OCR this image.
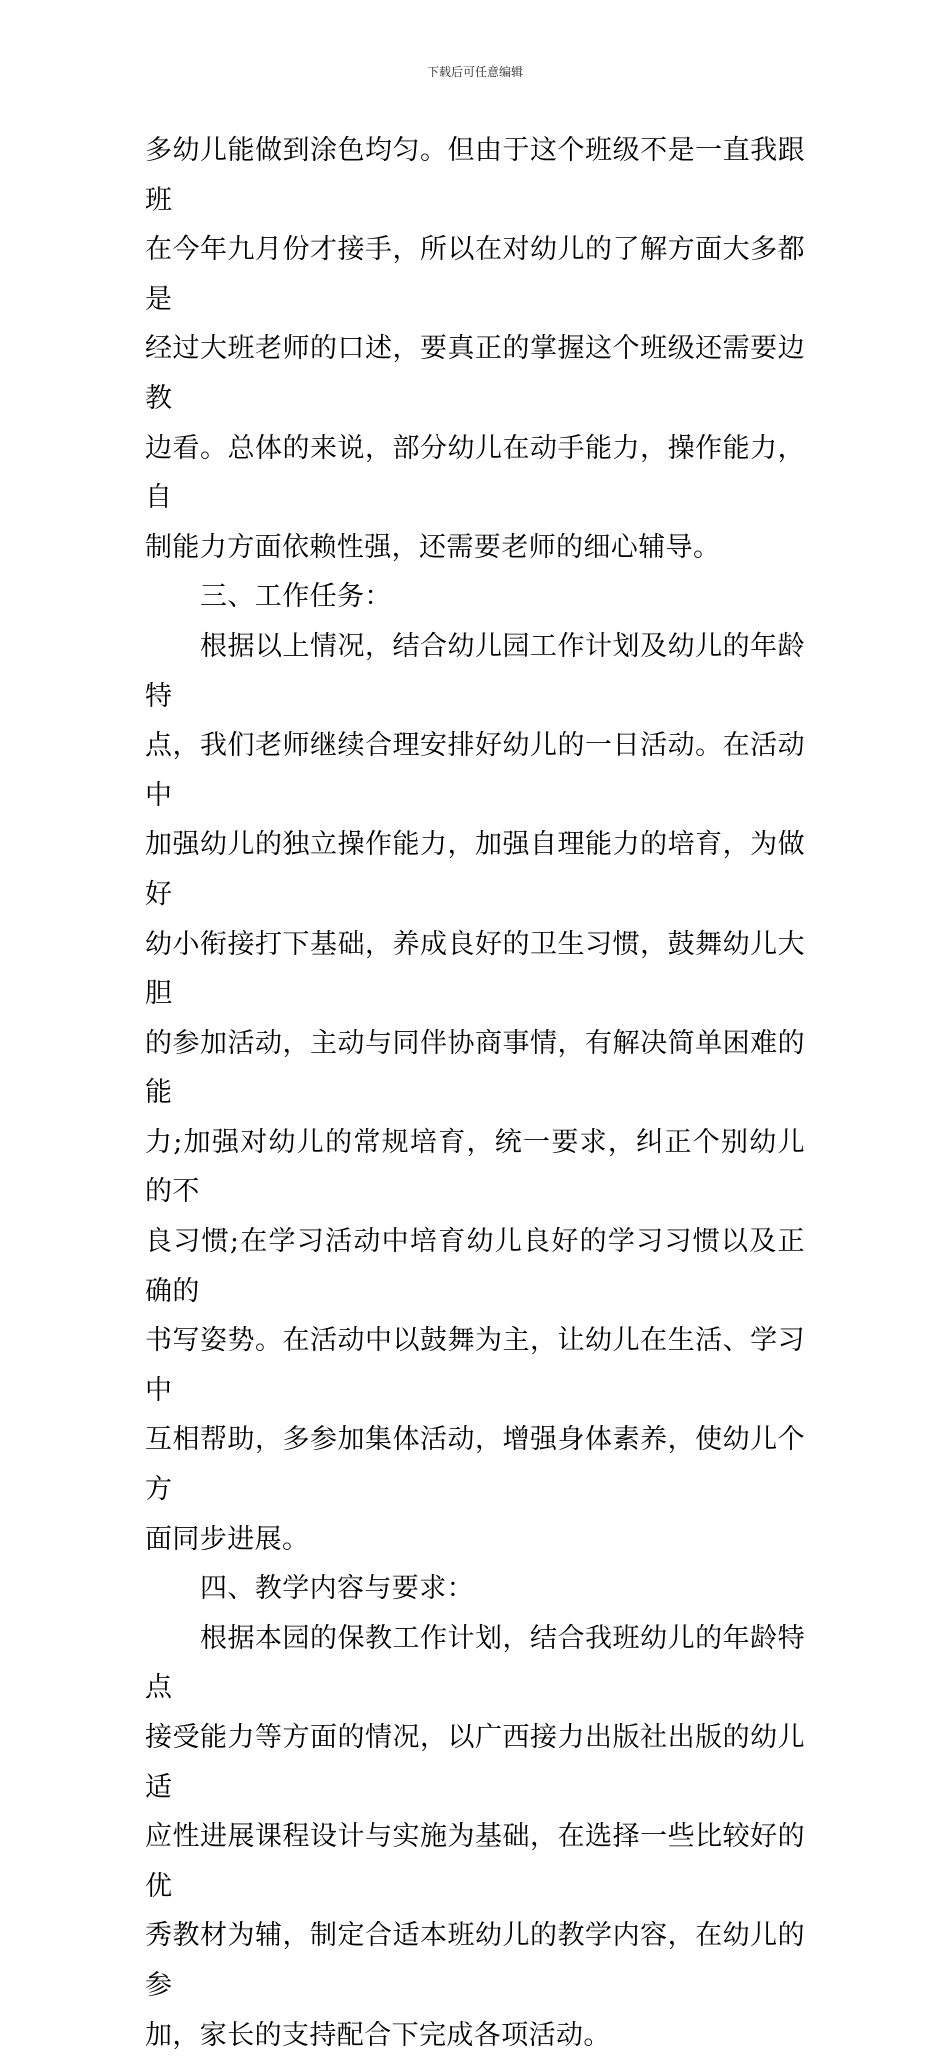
下载后可任意编辑

多幼儿能做到涂色均匀。但由于这个班级不是一直我跟班
在今年九月份才接手，所以在对幼儿的了解方面大多都是
经过大班老师的口述，要真正的掌握这个班级还需要边教
边看。总体的来说，部分幼儿在动手能力，操作能力，自
制能力方面依赖性强，还需要老师的细心辅导。

三、工作任务：

根据以上情况，结合幼儿园工作计划及幼儿的年龄特
点，我们老师继续合理安排好幼儿的一日活动。在活动中
加强幼儿的独立操作能力，加强自理能力的培育，为做好
幼小衔接打下基础，养成良好的卫生习惯，鼓舞幼儿大胆
的参加活动，主动与同伴协商事情，有解决简单困难的能
力;加强对幼儿的常规培育，统一要求，纠正个别幼儿的不
良习惯;在学习活动中培育幼儿良好的学习习惯以及正确的
书写姿势。在活动中以鼓舞为主，让幼儿在生活、学习中
互相帮助，多参加集体活动，增强身体素养，使幼儿个方
面同步进展。

四、教学内容与要求：

根据本园的保教工作计划，结合我班幼儿的年龄特点
接受能力等方面的情况，以广西接力出版社出版的幼儿适
应性进展课程设计与实施为基础，在选择一些比较好的优
秀教材为辅，制定合适本班幼儿的教学内容，在幼儿的参
加，家长的支持配合下完成各项活动。
